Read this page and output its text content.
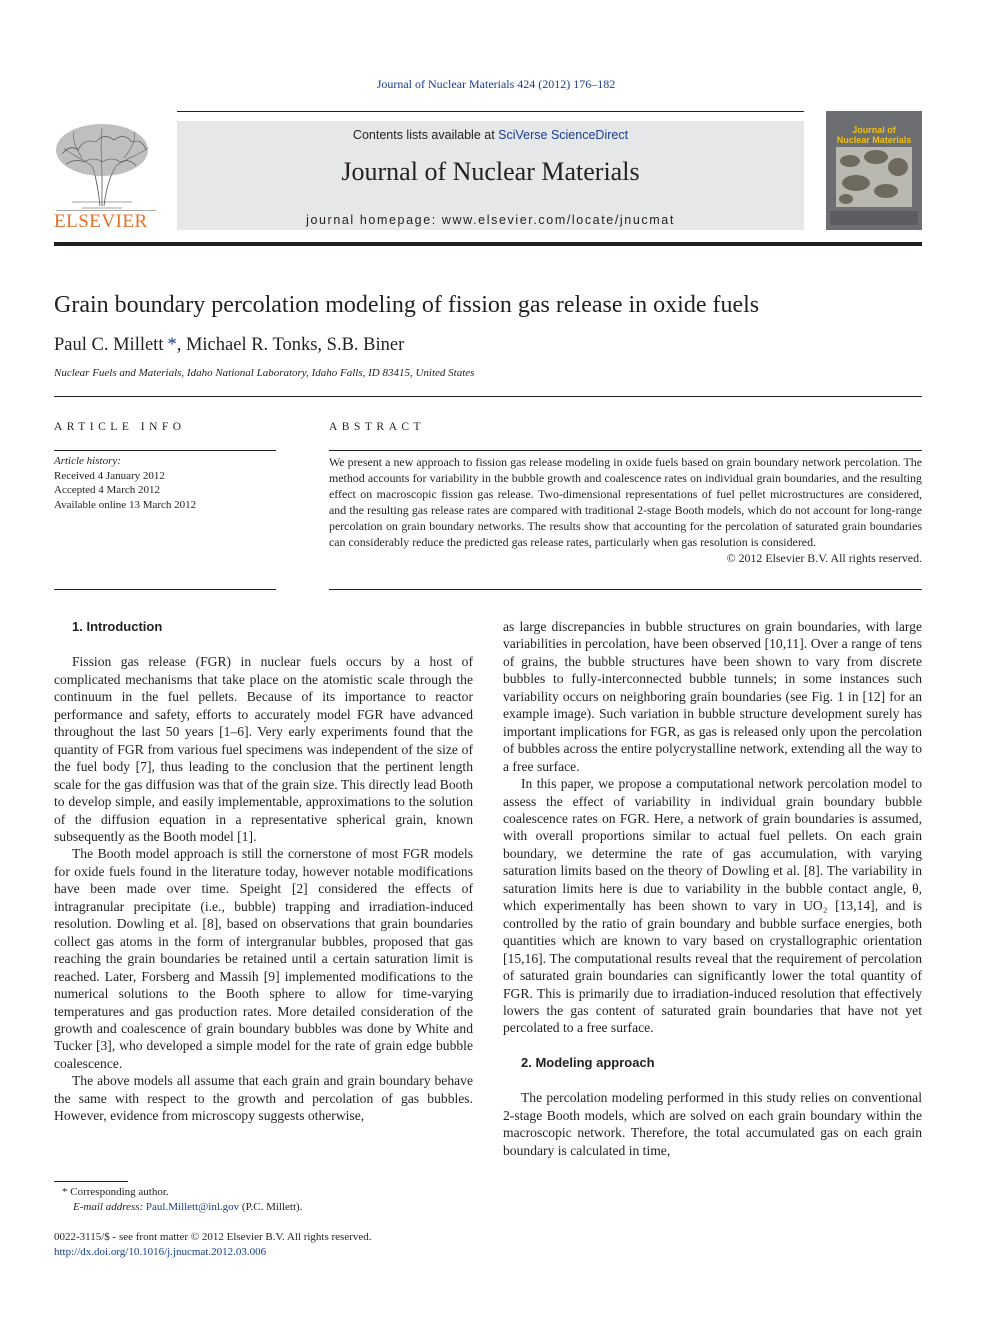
Journal of Nuclear Materials 424 (2012) 176–182
ELSEVIER
Contents lists available at SciVerse ScienceDirect
Journal of Nuclear Materials
journal homepage: www.elsevier.com/locate/jnucmat
Journal of
Nuclear Materials
Grain boundary percolation modeling of fission gas release in oxide fuels
Paul C. Millett *, Michael R. Tonks, S.B. Biner
Nuclear Fuels and Materials, Idaho National Laboratory, Idaho Falls, ID 83415, United States
ARTICLE INFO
Article history:
Received 4 January 2012
Accepted 4 March 2012
Available online 13 March 2012
ABSTRACT
We present a new approach to fission gas release modeling in oxide fuels based on grain boundary network percolation. The method accounts for variability in the bubble growth and coalescence rates on individual grain boundaries, and the resulting effect on macroscopic fission gas release. Two-dimensional representations of fuel pellet microstructures are considered, and the resulting gas release rates are compared with traditional 2-stage Booth models, which do not account for long-range percolation on grain boundary networks. The results show that accounting for the percolation of saturated grain boundaries can considerably reduce the predicted gas release rates, particularly when gas resolution is considered.
© 2012 Elsevier B.V. All rights reserved.

1. Introduction

Fission gas release (FGR) in nuclear fuels occurs by a host of complicated mechanisms that take place on the atomistic scale through the continuum in the fuel pellets. Because of its importance to reactor performance and safety, efforts to accurately model FGR have advanced throughout the last 50 years [1–6]. Very early experiments found that the quantity of FGR from various fuel specimens was independent of the size of the fuel body [7], thus leading to the conclusion that the pertinent length scale for the gas diffusion was that of the grain size. This directly lead Booth to develop simple, and easily implementable, approximations to the solution of the diffusion equation in a representative spherical grain, known subsequently as the Booth model [1].

The Booth model approach is still the cornerstone of most FGR models for oxide fuels found in the literature today, however notable modifications have been made over time. Speight [2] considered the effects of intragranular precipitate (i.e., bubble) trapping and irradiation-induced resolution. Dowling et al. [8], based on observations that grain boundaries collect gas atoms in the form of intergranular bubbles, proposed that gas reaching the grain boundaries be retained until a certain saturation limit is reached. Later, Forsberg and Massih [9] implemented modifications to the numerical solutions to the Booth sphere to allow for time-varying temperatures and gas production rates. More detailed consideration of the growth and coalescence of grain boundary bubbles was done by White and Tucker [3], who developed a simple model for the rate of grain edge bubble coalescence.

The above models all assume that each grain and grain boundary behave the same with respect to the growth and percolation of gas bubbles. However, evidence from microscopy suggests otherwise,

as large discrepancies in bubble structures on grain boundaries, with large variabilities in percolation, have been observed [10,11]. Over a range of tens of grains, the bubble structures have been shown to vary from discrete bubbles to fully-interconnected bubble tunnels; in some instances such variability occurs on neighboring grain boundaries (see Fig. 1 in [12] for an example image). Such variation in bubble structure development surely has important implications for FGR, as gas is released only upon the percolation of bubbles across the entire polycrystalline network, extending all the way to a free surface.

In this paper, we propose a computational network percolation model to assess the effect of variability in individual grain boundary bubble coalescence rates on FGR. Here, a network of grain boundaries is assumed, with overall proportions similar to actual fuel pellets. On each grain boundary, we determine the rate of gas accumulation, with varying saturation limits based on the theory of Dowling et al. [8]. The variability in saturation limits here is due to variability in the bubble contact angle, θ, which experimentally has been shown to vary in UO₂ [13,14], and is controlled by the ratio of grain boundary and bubble surface energies, both quantities which are known to vary based on crystallographic orientation [15,16]. The computational results reveal that the requirement of percolation of saturated grain boundaries can significantly lower the total quantity of FGR. This is primarily due to irradiation-induced resolution that effectively lowers the gas content of saturated grain boundaries that have not yet percolated to a free surface.

2. Modeling approach

The percolation modeling performed in this study relies on conventional 2-stage Booth models, which are solved on each grain boundary within the macroscopic network. Therefore, the total accumulated gas on each grain boundary is calculated in time,

* Corresponding author.
E-mail address: Paul.Millett@inl.gov (P.C. Millett).
0022-3115/$ - see front matter © 2012 Elsevier B.V. All rights reserved.
http://dx.doi.org/10.1016/j.jnucmat.2012.03.006
